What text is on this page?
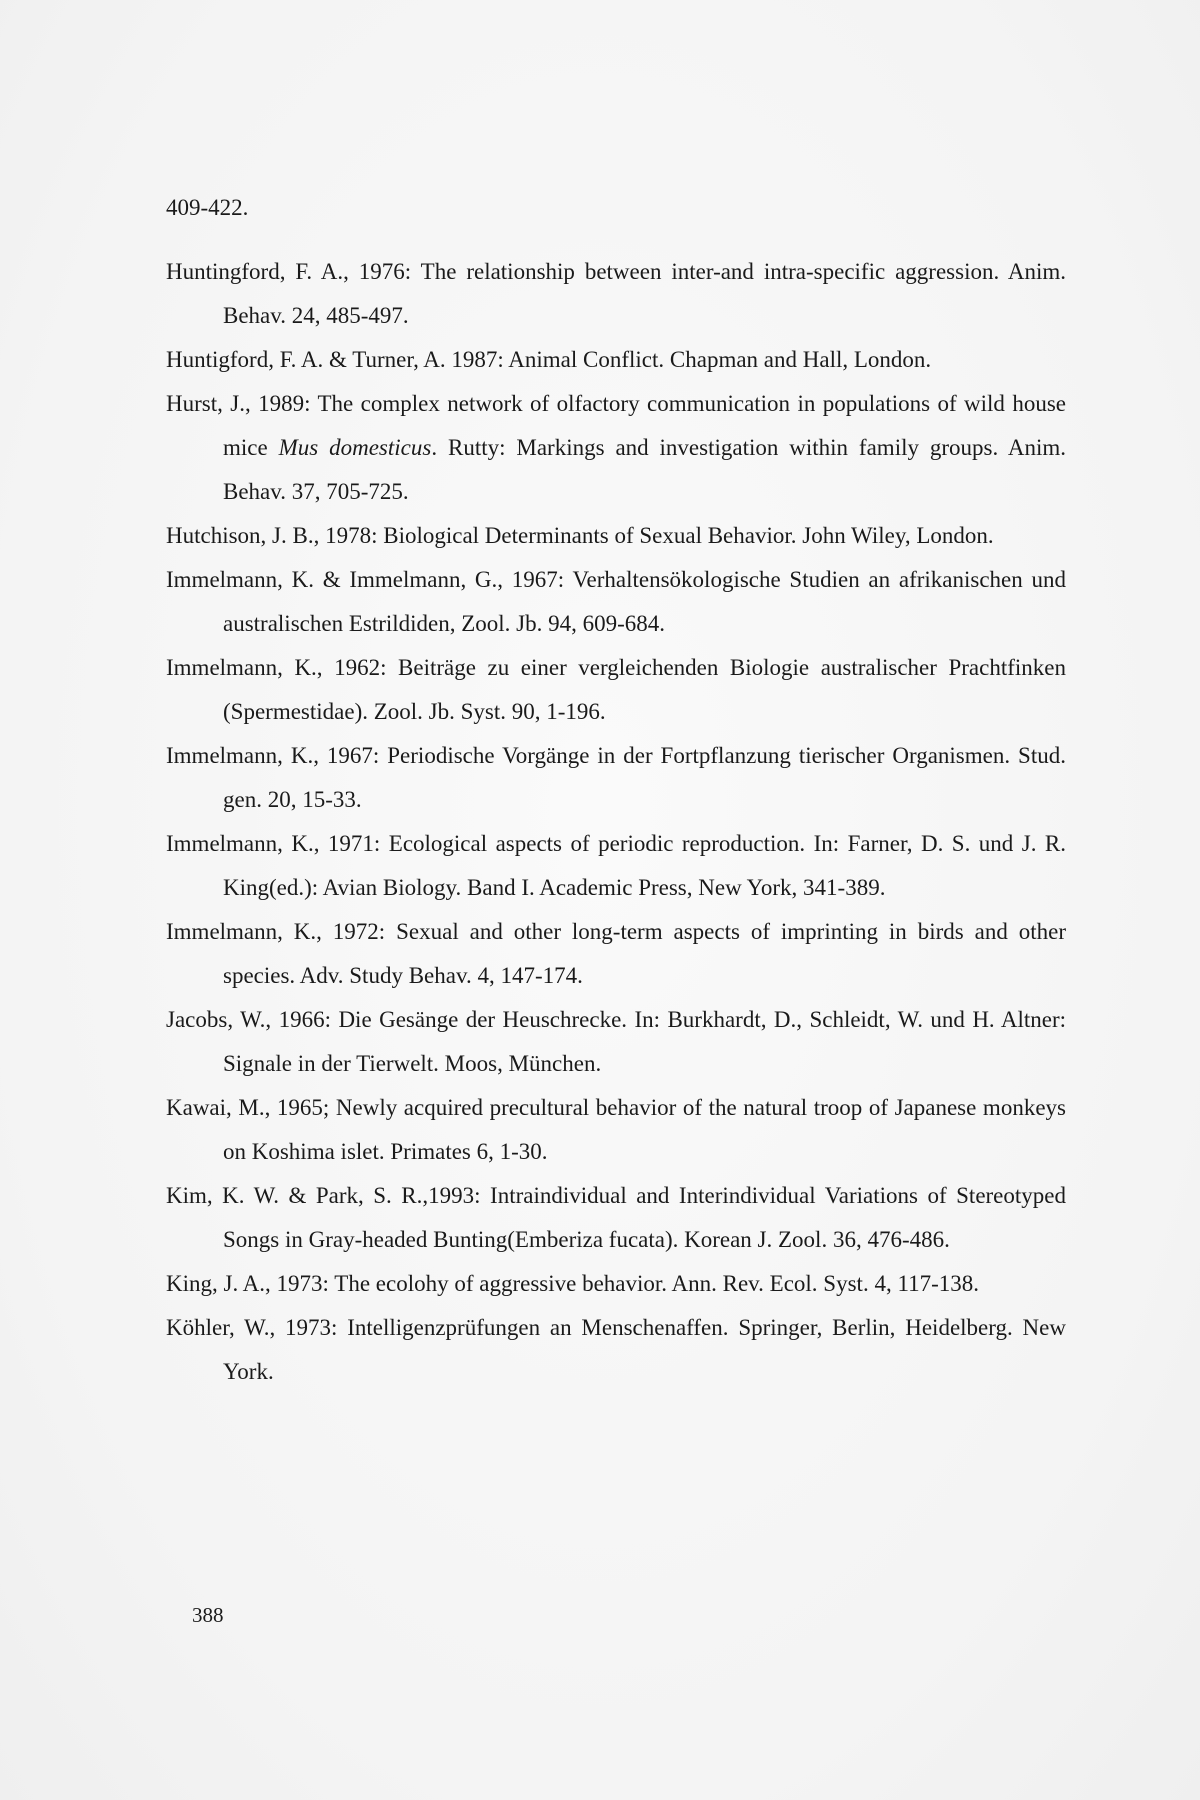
409-422.
Huntingford, F. A., 1976: The relationship between inter-and intra-specific aggression. Anim. Behav. 24, 485-497.
Huntigford, F. A. & Turner, A. 1987: Animal Conflict. Chapman and Hall, London.
Hurst, J., 1989: The complex network of olfactory communication in populations of wild house mice Mus domesticus. Rutty: Markings and investigation within family groups. Anim. Behav. 37, 705-725.
Hutchison, J. B., 1978: Biological Determinants of Sexual Behavior. John Wiley, London.
Immelmann, K. & Immelmann, G., 1967: Verhaltensökologische Studien an afrikanischen und australischen Estrildiden, Zool. Jb. 94, 609-684.
Immelmann, K., 1962: Beiträge zu einer vergleichenden Biologie australischer Prachtfinken (Spermestidae). Zool. Jb. Syst. 90, 1-196.
Immelmann, K., 1967: Periodische Vorgänge in der Fortpflanzung tierischer Organismen. Stud. gen. 20, 15-33.
Immelmann, K., 1971: Ecological aspects of periodic reproduction. In: Farner, D. S. und J. R. King(ed.): Avian Biology. Band I. Academic Press, New York, 341-389.
Immelmann, K., 1972: Sexual and other long-term aspects of imprinting in birds and other species. Adv. Study Behav. 4, 147-174.
Jacobs, W., 1966: Die Gesänge der Heuschrecke. In: Burkhardt, D., Schleidt, W. und H. Altner: Signale in der Tierwelt. Moos, München.
Kawai, M., 1965; Newly acquired precultural behavior of the natural troop of Japanese monkeys on Koshima islet. Primates 6, 1-30.
Kim, K. W. & Park, S. R.,1993: Intraindividual and Interindividual Variations of Stereotyped Songs in Gray-headed Bunting(Emberiza fucata). Korean J. Zool. 36, 476-486.
King, J. A., 1973: The ecolohy of aggressive behavior. Ann. Rev. Ecol. Syst. 4, 117-138.
Köhler, W., 1973: Intelligenzprüfungen an Menschenaffen. Springer, Berlin, Heidelberg. New York.
388
